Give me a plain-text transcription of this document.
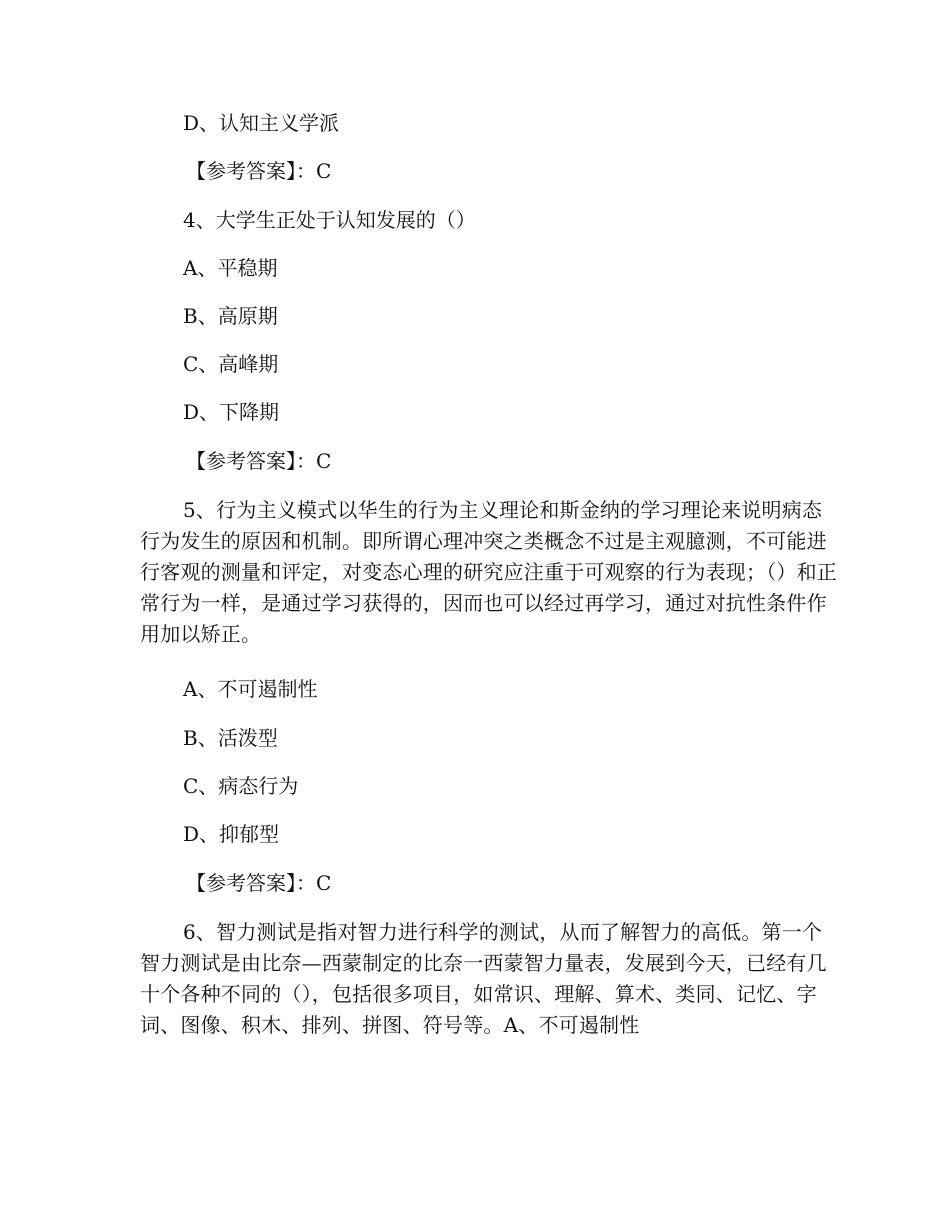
D、认知主义学派
【参考答案】：C
4、大学生正处于认知发展的（）
A、平稳期
B、高原期
C、高峰期
D、下降期
【参考答案】：C
5、行为主义模式以华生的行为主义理论和斯金纳的学习理论来说明病态行为发生的原因和机制。即所谓心理冲突之类概念不过是主观臆测，不可能进行客观的测量和评定，对变态心理的研究应注重于可观察的行为表现；（）和正常行为一样，是通过学习获得的，因而也可以经过再学习，通过对抗性条件作用加以矫正。
A、不可遏制性
B、活泼型
C、病态行为
D、抑郁型
【参考答案】：C
6、智力测试是指对智力进行科学的测试，从而了解智力的高低。第一个智力测试是由比奈—西蒙制定的比奈一西蒙智力量表，发展到今天，已经有几十个各种不同的（），包括很多项目，如常识、理解、算术、类同、记忆、字词、图像、积木、排列、拼图、符号等。A、不可遏制性
